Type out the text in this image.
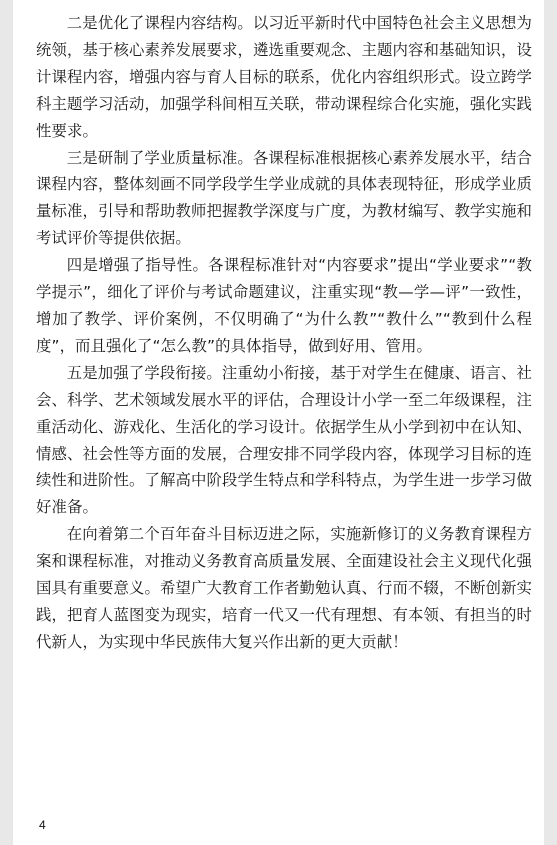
二是优化了课程内容结构。以习近平新时代中国特色社会主义思想为统领，基于核心素养发展要求，遴选重要观念、主题内容和基础知识，设计课程内容，增强内容与育人目标的联系，优化内容组织形式。设立跨学科主题学习活动，加强学科间相互关联，带动课程综合化实施，强化实践性要求。

三是研制了学业质量标准。各课程标准根据核心素养发展水平，结合课程内容，整体刻画不同学段学生学业成就的具体表现特征，形成学业质量标准，引导和帮助教师把握教学深度与广度，为教材编写、教学实施和考试评价等提供依据。

四是增强了指导性。各课程标准针对“内容要求”提出“学业要求”“教学提示”，细化了评价与考试命题建议，注重实现“教—学—评”一致性，增加了教学、评价案例，不仅明确了“为什么教”“教什么”“教到什么程度”，而且强化了“怎么教”的具体指导，做到好用、管用。

五是加强了学段衔接。注重幼小衔接，基于对学生在健康、语言、社会、科学、艺术领域发展水平的评估，合理设计小学一至二年级课程，注重活动化、游戏化、生活化的学习设计。依据学生从小学到初中在认知、情感、社会性等方面的发展，合理安排不同学段内容，体现学习目标的连续性和进阶性。了解高中阶段学生特点和学科特点，为学生进一步学习做好准备。

在向着第二个百年奋斗目标迈进之际，实施新修订的义务教育课程方案和课程标准，对推动义务教育高质量发展、全面建设社会主义现代化强国具有重要意义。希望广大教育工作者勤勉认真、行而不辍，不断创新实践，把育人蓝图变为现实，培育一代又一代有理想、有本领、有担当的时代新人，为实现中华民族伟大复兴作出新的更大贡献！

4
